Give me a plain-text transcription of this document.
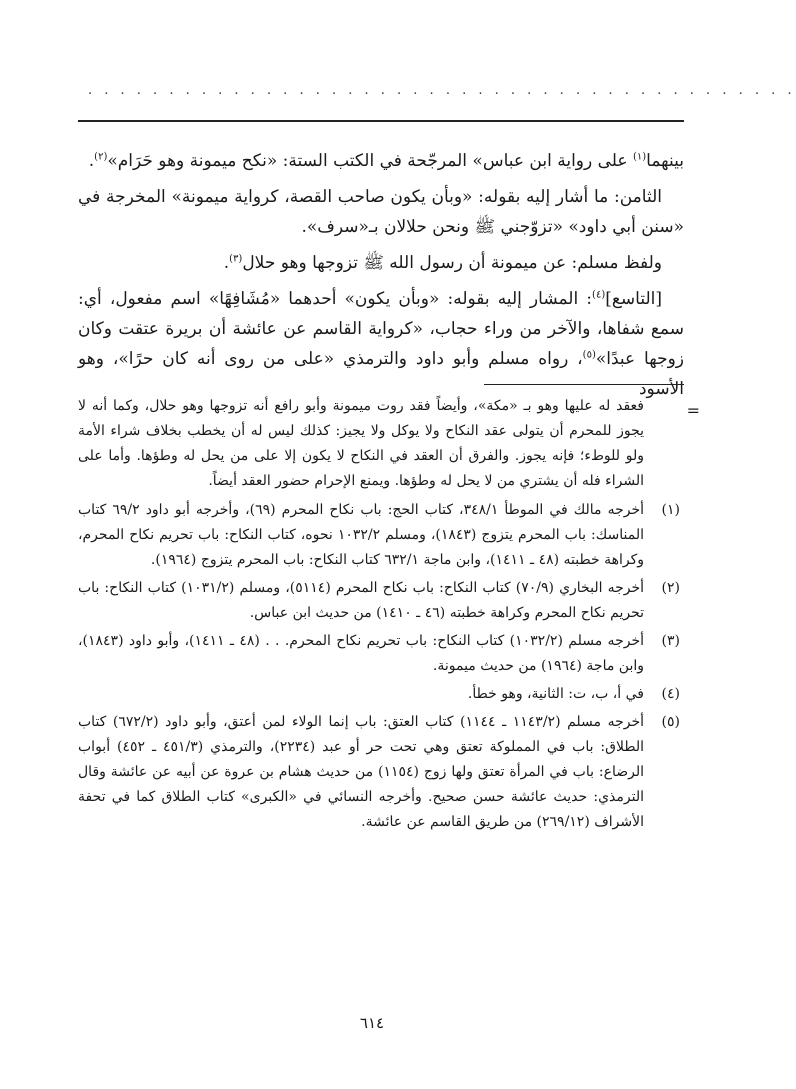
. . . . . . . . . . . . . . . . . . . . . . . . . . . . . . . . . . . . . . . . . . . .

بينهما$^{(١)}$ على رواية ابن عباس» المرجّحة في الكتب الستة: «نكح ميمونة وهو حَرَام»$^{(٢)}$.

الثامن: ما أشار إليه بقوله: «وبأن يكون صاحب القصة، كرواية ميمونة» المخرجة في «سنن أبي داود» «تزوّجني ﷺ ونحن حلالان بـ«سرف».

ولفظ مسلم: عن ميمونة أن رسول الله ﷺ تزوجها وهو حلال$^{(٣)}$.

[التاسع]$^{(٤)}$: المشار إليه بقوله: «وبأن يكون» أحدهما «مُشَافِهًا» اسم مفعول، أي: سمع شفاها، والآخر من وراء حجاب، «كرواية القاسم عن عائشة أن بريرة عتقت وكان زوجها عبدًا»$^{(٥)}$، رواه مسلم وأبو داود والترمذي «على من روى أنه كان حرًا»، وهو الأسود

=
فعقد له عليها وهو بـ «مكة»، وأيضاً فقد روت ميمونة وأبو رافع أنه تزوجها وهو حلال، وكما أنه لا يجوز للمحرم أن يتولى عقد النكاح ولا يوكل ولا يجيز: كذلك ليس له أن يخطب بخلاف شراء الأمة ولو للوطء؛ فإنه يجوز. والفرق أن العقد في النكاح لا يكون إلا على من يحل له وطؤها. وأما على الشراء فله أن يشتري من لا يحل له وطؤها. ويمنع الإحرام حضور العقد أيضاً.
(١)
أخرجه مالك في الموطأ ٣٤٨/١، كتاب الحج: باب نكاح المحرم (٦٩)، وأخرجه أبو داود ٦٩/٢ كتاب المناسك: باب المحرم يتزوج (١٨٤٣)، ومسلم ١٠٣٢/٢ نحوه، كتاب النكاح: باب تحريم نكاح المحرم، وكراهة خطبته (٤٨ ـ ١٤١١)، وابن ماجة ٦٣٢/١ كتاب النكاح: باب المحرم يتزوج (١٩٦٤).
(٢)
أخرجه البخاري (٧٠/٩) كتاب النكاح: باب نكاح المحرم (٥١١٤)، ومسلم (١٠٣١/٢) كتاب النكاح: باب تحريم نكاح المحرم وكراهة خطبته (٤٦ ـ ١٤١٠) من حديث ابن عباس.
(٣)
أخرجه مسلم (١٠٣٢/٢) كتاب النكاح: باب تحريم نكاح المحرم. . . (٤٨ ـ ١٤١١)، وأبو داود (١٨٤٣)، وابن ماجة (١٩٦٤) من حديث ميمونة.
(٤)
في أ، ب، ت: الثانية، وهو خطأ.
(٥)
أخرجه مسلم (١١٤٣/٢ ـ ١١٤٤) كتاب العتق: باب إنما الولاء لمن أعتق، وأبو داود (٦٧٢/٢) كتاب الطلاق: باب في المملوكة تعتق وهي تحت حر أو عبد (٢٢٣٤)، والترمذي (٤٥١/٣ ـ ٤٥٢) أبواب الرضاع: باب في المرأة تعتق ولها زوج (١١٥٤) من حديث هشام بن عروة عن أبيه عن عائشة وقال الترمذي: حديث عائشة حسن صحيح. وأخرجه النسائي في «الكبرى» كتاب الطلاق كما في تحفة الأشراف (٢٦٩/١٢) من طريق القاسم عن عائشة.
٦١٤
